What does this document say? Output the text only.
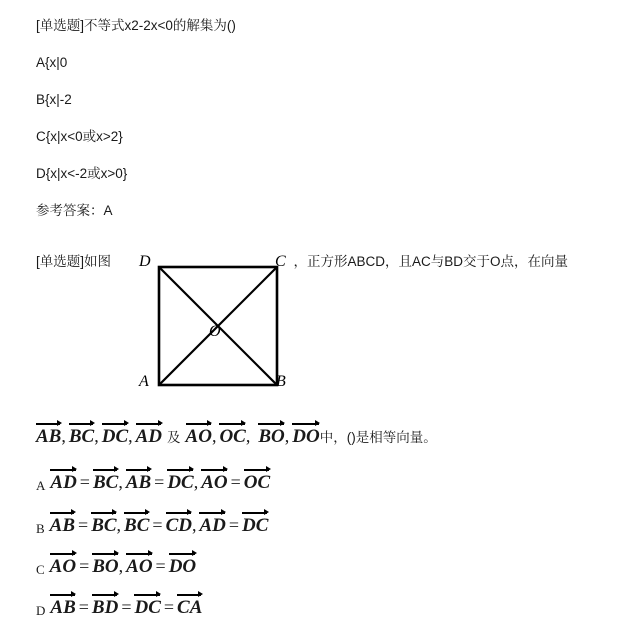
[单选题]不等式x2-2x<0的解集为()
A{x|0
B{x|-2
C{x|x<0或x>2}
D{x|x<-2或x>0}
参考答案：A
[单选题]如图	，正方形ABCD，且AC与BD交于O点，在向量
D	C
A	B
O
AB, BC, DC, AD 及 AO, OC, BO, DO中，()是相等向量。
A AD = BC, AB = DC, AO = OC
B AB = BC, BC = CD, AD = DC
C AO = BO, AO = DO
D AB = BD = DC = CA
